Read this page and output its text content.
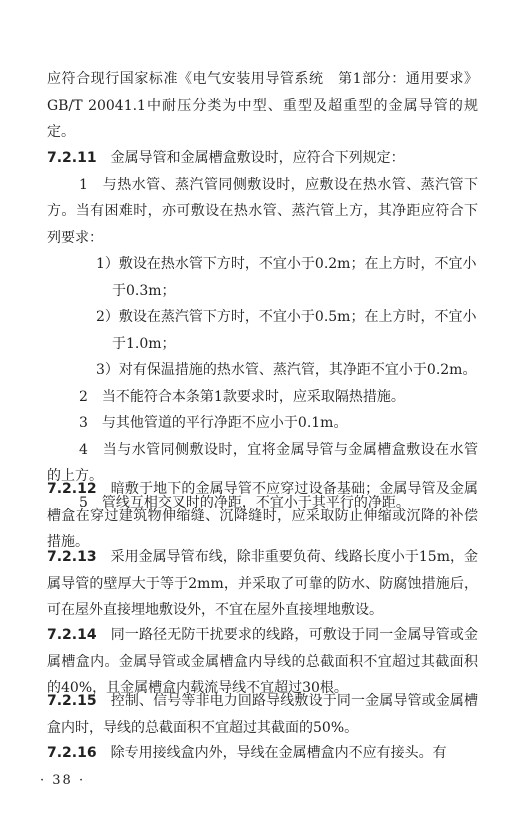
应符合现行国家标准《电气安装用导管系统　第1部分：通用要求》GB/T 20041.1中耐压分类为中型、重型及超重型的金属导管的规定。

7.2.11 金属导管和金属槽盒敷设时，应符合下列规定：

1　与热水管、蒸汽管同侧敷设时，应敷设在热水管、蒸汽管下方。当有困难时，亦可敷设在热水管、蒸汽管上方，其净距应符合下列要求：

1）敷设在热水管下方时，不宜小于0.2m；在上方时，不宜小

于0.3m；

2）敷设在蒸汽管下方时，不宜小于0.5m；在上方时，不宜小

于1.0m；

3）对有保温措施的热水管、蒸汽管，其净距不宜小于0.2m。

2　当不能符合本条第1款要求时，应采取隔热措施。

3　与其他管道的平行净距不应小于0.1m。

4　当与水管同侧敷设时，宜将金属导管与金属槽盒敷设在水管的上方。

5　管线互相交叉时的净距，不宜小于其平行的净距。

7.2.12 暗敷于地下的金属导管不应穿过设备基础；金属导管及金属槽盒在穿过建筑物伸缩缝、沉降缝时，应采取防止伸缩或沉降的补偿措施。

7.2.13 采用金属导管布线，除非重要负荷、线路长度小于15m，金属导管的壁厚大于等于2mm，并采取了可靠的防水、防腐蚀措施后，可在屋外直接埋地敷设外，不宜在屋外直接埋地敷设。

7.2.14 同一路径无防干扰要求的线路，可敷设于同一金属导管或金属槽盒内。金属导管或金属槽盒内导线的总截面积不宜超过其截面积的40%，且金属槽盒内载流导线不宜超过30根。

7.2.15 控制、信号等非电力回路导线敷设于同一金属导管或金属槽盒内时，导线的总截面积不宜超过其截面的50%。

7.2.16 除专用接线盒内外，导线在金属槽盒内不应有接头。有

· 38 ·
